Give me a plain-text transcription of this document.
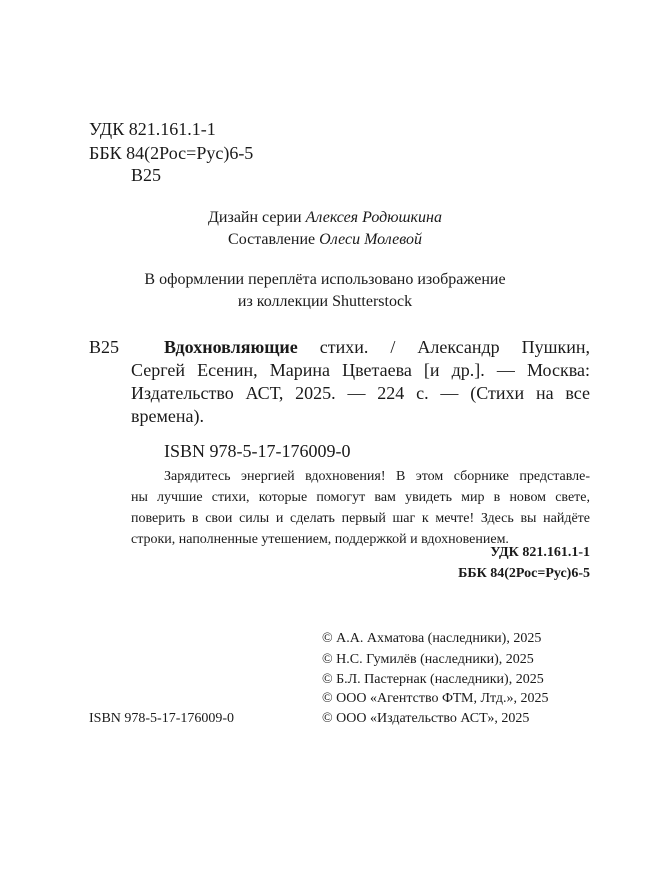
УДК 821.161.1-1
ББК 84(2Рос=Рус)6-5
В25
Дизайн серии Алексея Родюшкина
Составление Олеси Молевой
В оформлении переплёта использовано изображение
из коллекции Shutterstock
В25 Вдохновляющие стихи. / Александр Пушкин,
Сергей Есенин, Марина Цветаева [и др.]. — Москва:
Издательство АСТ, 2025. — 224 с. — (Стихи на все
времена).
ISBN 978-5-17-176009-0
Зарядитесь энергией вдохновения! В этом сборнике представле-
ны лучшие стихи, которые помогут вам увидеть мир в новом свете,
поверить в свои силы и сделать первый шаг к мечте! Здесь вы найдёте
строки, наполненные утешением, поддержкой и вдохновением.
УДК 821.161.1-1
ББК 84(2Рос=Рус)6-5
© А.А. Ахматова (наследники), 2025
© Н.С. Гумилёв (наследники), 2025
© Б.Л. Пастернак (наследники), 2025
© ООО «Агентство ФТМ, Лтд.», 2025
© ООО «Издательство АСТ», 2025
ISBN 978-5-17-176009-0
